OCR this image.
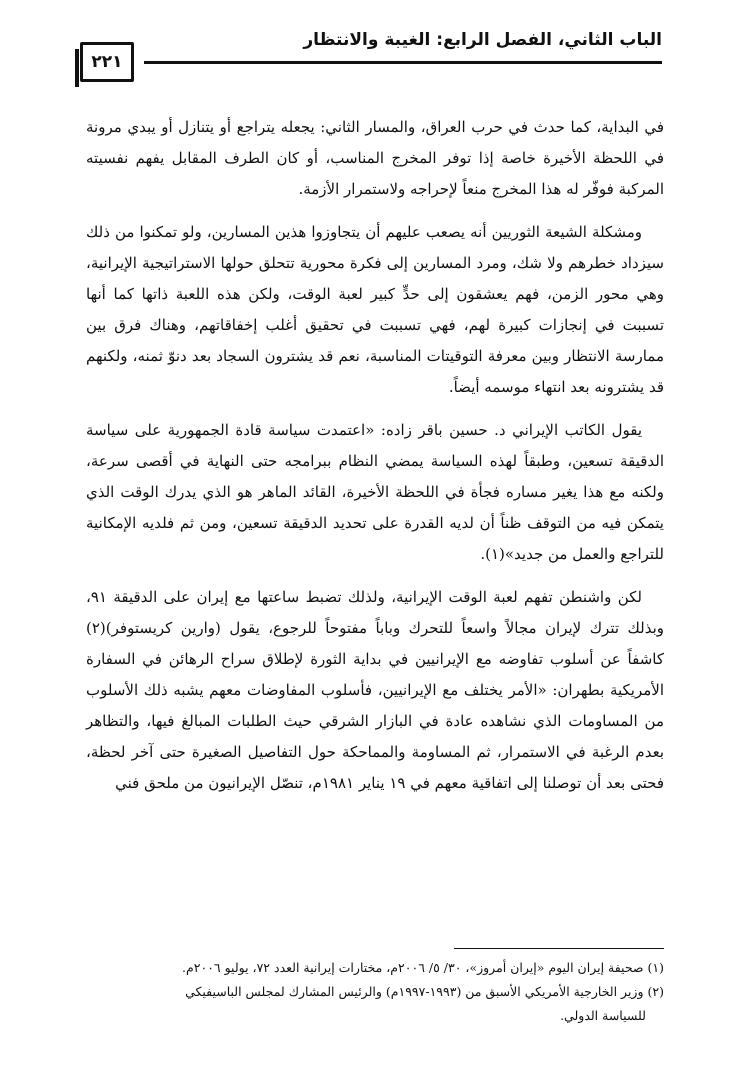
الباب الثاني، الفصل الرابع: الغيبة والانتظار
٢٢١

في البداية، كما حدث في حرب العراق، والمسار الثاني: يجعله يتراجع أو يتنازل أو يبدي مرونة في اللحظة الأخيرة خاصة إذا توفر المخرج المناسب، أو كان الطرف المقابل يفهم نفسيته المركبة فوفّر له هذا المخرج منعاً لإحراجه ولاستمرار الأزمة.

ومشكلة الشيعة الثوريين أنه يصعب عليهم أن يتجاوزوا هذين المسارين، ولو تمكنوا من ذلك سيزداد خطرهم ولا شك، ومرد المسارين إلى فكرة محورية تتحلق حولها الاستراتيجية الإيرانية، وهي محور الزمن، فهم يعشقون إلى حدٍّ كبير لعبة الوقت، ولكن هذه اللعبة ذاتها كما أنها تسببت في إنجازات كبيرة لهم، فهي تسببت في تحقيق أغلب إخفاقاتهم، وهناك فرق بين ممارسة الانتظار وبين معرفة التوقيتات المناسبة، نعم قد يشترون السجاد بعد دنوّ ثمنه، ولكنهم قد يشترونه بعد انتهاء موسمه أيضاً.

يقول الكاتب الإيراني د. حسين باقر زاده: «اعتمدت سياسة قادة الجمهورية على سياسة الدقيقة تسعين، وطبقاً لهذه السياسة يمضي النظام ببرامجه حتى النهاية في أقصى سرعة، ولكنه مع هذا يغير مساره فجأة في اللحظة الأخيرة، القائد الماهر هو الذي يدرك الوقت الذي يتمكن فيه من التوقف ظناً أن لديه القدرة على تحديد الدقيقة تسعين، ومن ثم فلديه الإمكانية للتراجع والعمل من جديد»(١).

لكن واشنطن تفهم لعبة الوقت الإيرانية، ولذلك تضبط ساعتها مع إيران على الدقيقة ٩١، وبذلك تترك لإيران مجالاً واسعاً للتحرك وباباً مفتوحاً للرجوع، يقول (وارين كريستوفر)(٢) كاشفاً عن أسلوب تفاوضه مع الإيرانيين في بداية الثورة لإطلاق سراح الرهائن في السفارة الأمريكية بطهران: «الأمر يختلف مع الإيرانيين، فأسلوب المفاوضات معهم يشبه ذلك الأسلوب من المساومات الذي نشاهده عادة في البازار الشرقي حيث الطلبات المبالغ فيها، والتظاهر بعدم الرغبة في الاستمرار، ثم المساومة والمماحكة حول التفاصيل الصغيرة حتى آخر لحظة، فحتى بعد أن توصلنا إلى اتفاقية معهم في ١٩ يناير ١٩٨١م، تنصّل الإيرانيون من ملحق فني

(١) صحيفة إيران اليوم «إيران أمروز»، ٣٠/ ٥/ ٢٠٠٦م، مختارات إيرانية العدد ٧٢، يوليو ٢٠٠٦م.

(٢) وزير الخارجية الأمريكي الأسبق من (١٩٩٣-١٩٩٧م) والرئيس المشارك لمجلس الباسيفيكي
للسياسة الدولي.
